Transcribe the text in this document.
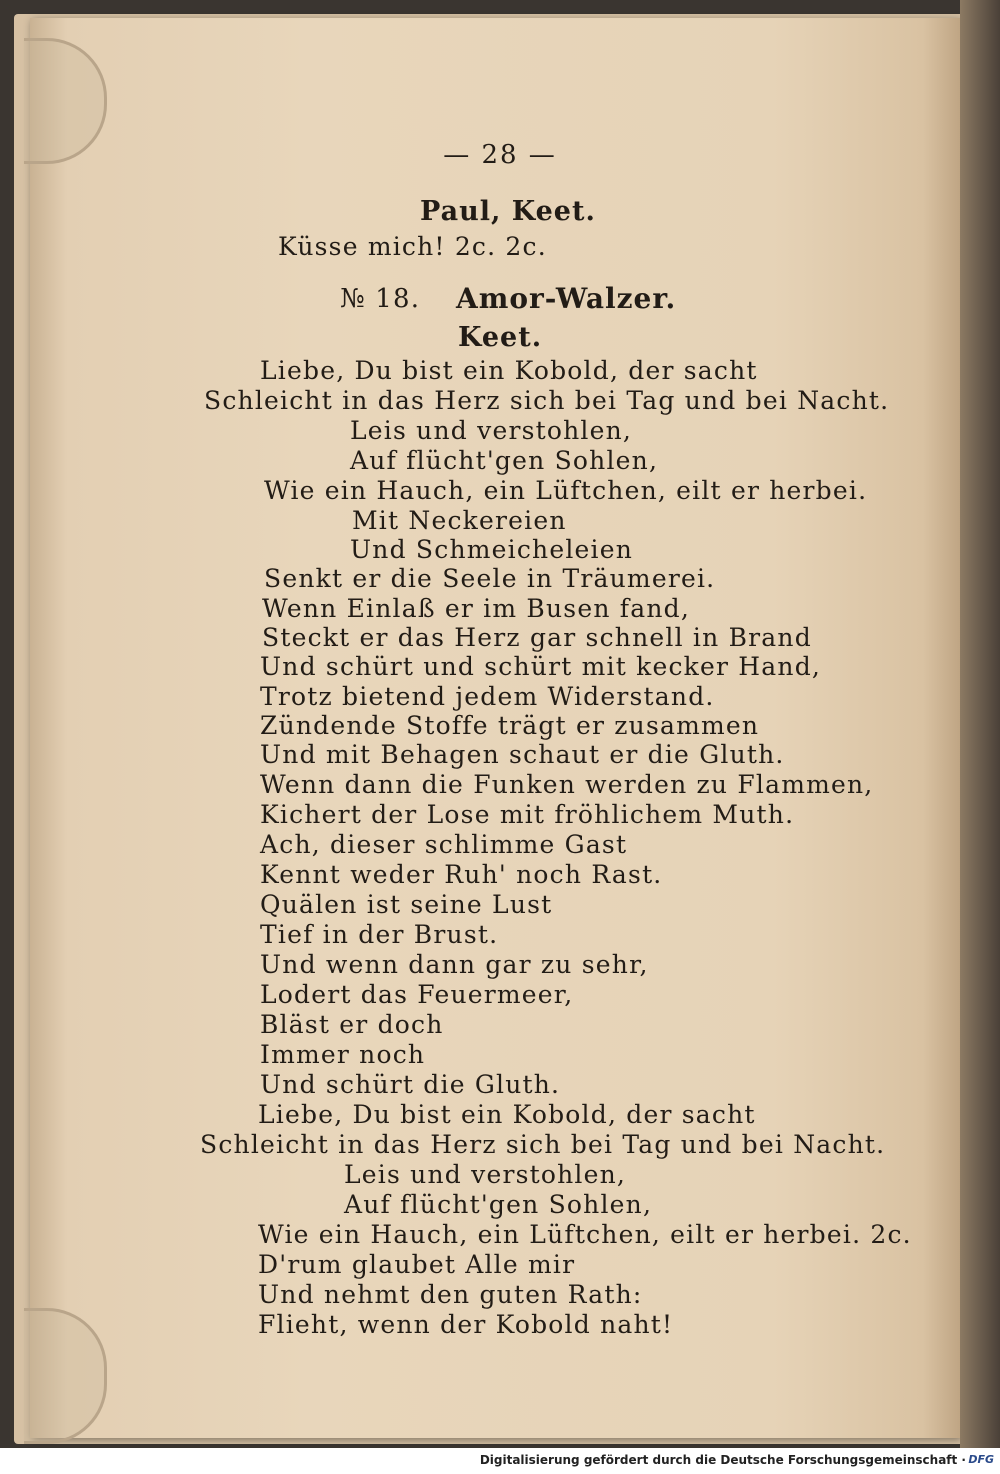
— 28 —
Paul, Keet.
Küsse mich! 2c. 2c.
№ 18. Amor-Walzer.
Keet.
Liebe, Du bist ein Kobold, der sacht
Schleicht in das Herz sich bei Tag und bei Nacht.
Leis und verstohlen,
Auf flücht'gen Sohlen,
Wie ein Hauch, ein Lüftchen, eilt er herbei.
Mit Neckereien
Und Schmeicheleien
Senkt er die Seele in Träumerei.
Wenn Einlaß er im Busen fand,
Steckt er das Herz gar schnell in Brand
Und schürt und schürt mit kecker Hand,
Trotz bietend jedem Widerstand.
Zündende Stoffe trägt er zusammen
Und mit Behagen schaut er die Gluth.
Wenn dann die Funken werden zu Flammen,
Kichert der Lose mit fröhlichem Muth.
Ach, dieser schlimme Gast
Kennt weder Ruh' noch Rast.
Quälen ist seine Lust
Tief in der Brust.
Und wenn dann gar zu sehr,
Lodert das Feuermeer,
Bläst er doch
Immer noch
Und schürt die Gluth.
Liebe, Du bist ein Kobold, der sacht
Schleicht in das Herz sich bei Tag und bei Nacht.
Leis und verstohlen,
Auf flücht'gen Sohlen,
Wie ein Hauch, ein Lüftchen, eilt er herbei. 2c.
D'rum glaubet Alle mir
Und nehmt den guten Rath:
Flieht, wenn der Kobold naht!
Digitalisierung gefördert durch die Deutsche Forschungsgemeinschaft · DFG
